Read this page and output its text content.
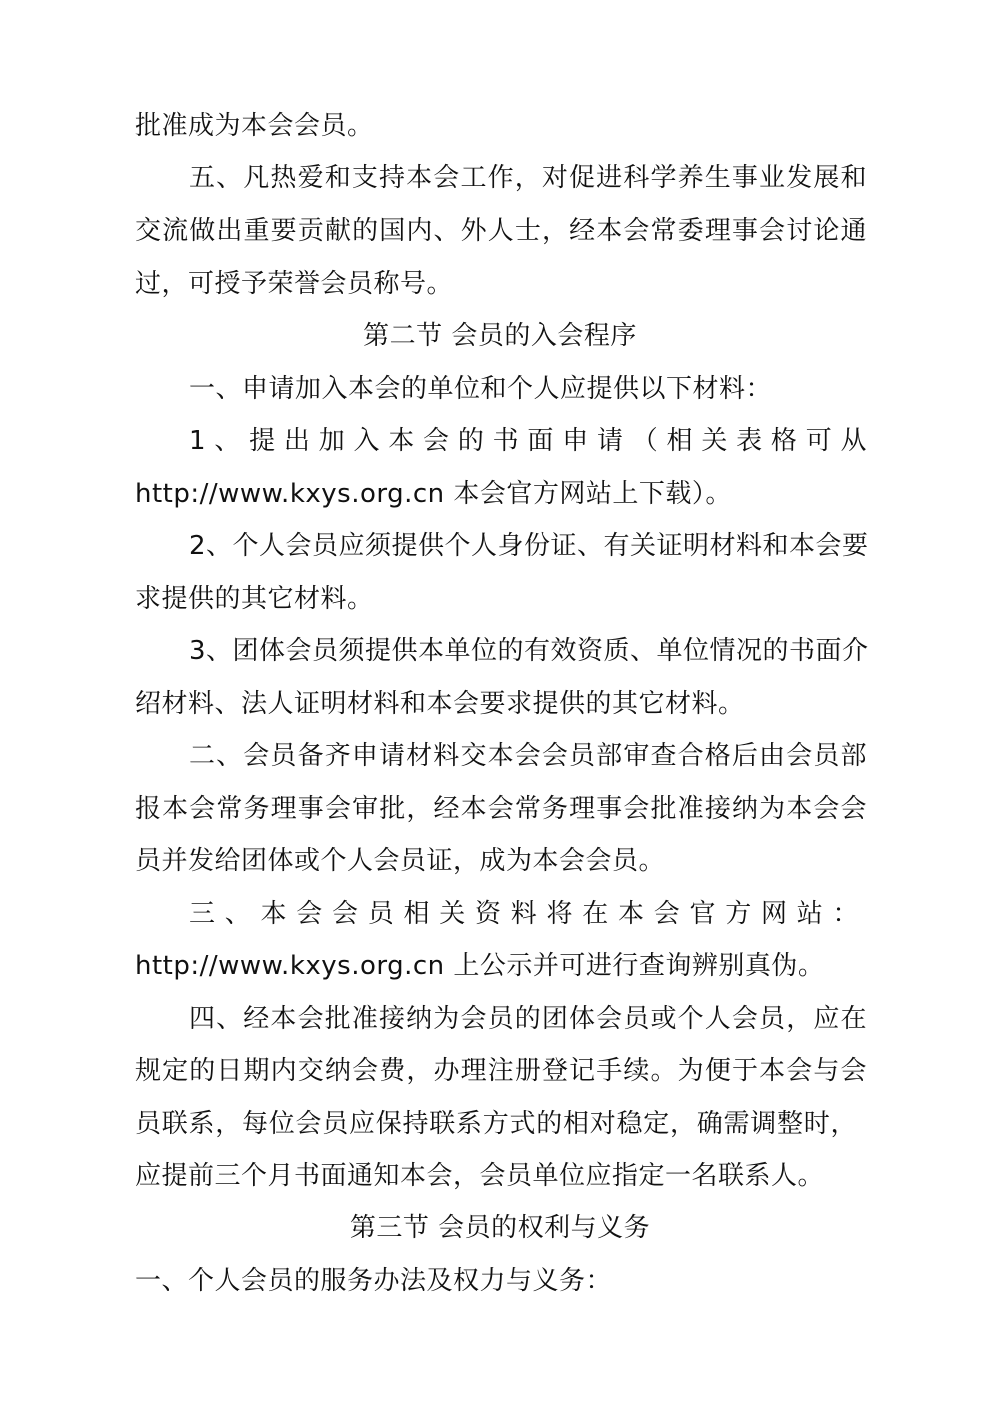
批准成为本会会员。
五、凡热爱和支持本会工作，对促进科学养生事业发展和
交流做出重要贡献的国内、外人士，经本会常委理事会讨论通
过，可授予荣誉会员称号。
第二节 会员的入会程序
一、申请加入本会的单位和个人应提供以下材料：
1、提出加入本会的书面申请（相关表格可从
http://www.kxys.org.cn 本会官方网站上下载）。
2、个人会员应须提供个人身份证、有关证明材料和本会要
求提供的其它材料。
3、团体会员须提供本单位的有效资质、单位情况的书面介
绍材料、法人证明材料和本会要求提供的其它材料。
二、会员备齐申请材料交本会会员部审查合格后由会员部
报本会常务理事会审批，经本会常务理事会批准接纳为本会会
员并发给团体或个人会员证，成为本会会员。
三、本会会员相关资料将在本会官方网站：
http://www.kxys.org.cn 上公示并可进行查询辨别真伪。
四、经本会批准接纳为会员的团体会员或个人会员，应在
规定的日期内交纳会费，办理注册登记手续。为便于本会与会
员联系，每位会员应保持联系方式的相对稳定，确需调整时，
应提前三个月书面通知本会，会员单位应指定一名联系人。
第三节 会员的权利与义务
一、个人会员的服务办法及权力与义务：
